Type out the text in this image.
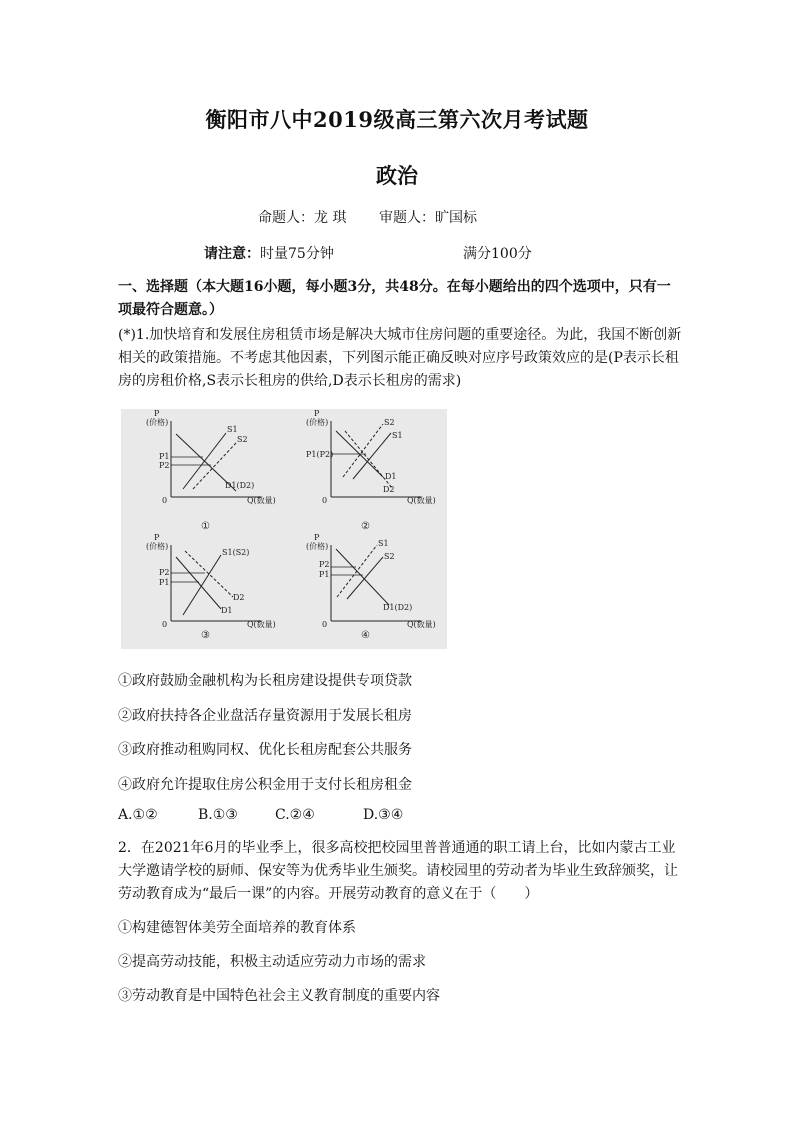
衡阳市八中2019级高三第六次月考试题
政治
命题人：龙 琪 审题人：旷国标
请注意：时量75分钟	满分100分
一、选择题（本大题16小题，每小题3分，共48分。在每小题给出的四个选项中，只有一项最符合题意。）
(*)1.加快培育和发展住房租赁市场是解决大城市住房问题的重要途径。为此，我国不断创新相关的政策措施。不考虑其他因素，下列图示能正确反映对应序号政策效应的是(P表示长租房的房租价格,S表示长租房的供给,D表示长租房的需求)
P
(价格)
0	Q(数量)
P1
P2
S1
S2
D1(D2)
①
P
(价格)
0	Q(数量)
P1(P2)
S2
S1
D1
D2
②
P
(价格)
0	Q(数量)
P2
P1
S1(S2)
D2
D1
③
P
(价格)
0	Q(数量)
P2
P1
S1
S2
D1(D2)
④
①政府鼓励金融机构为长租房建设提供专项贷款
②政府扶持各企业盘活存量资源用于发展长租房
③政府推动租购同权、优化长租房配套公共服务
④政府允许提取住房公积金用于支付长租房租金
A.①②	B.①③	C.②④	D.③④
2．在2021年6月的毕业季上，很多高校把校园里普普通通的职工请上台，比如内蒙古工业大学邀请学校的厨师、保安等为优秀毕业生颁奖。请校园里的劳动者为毕业生致辞颁奖，让劳动教育成为“最后一课”的内容。开展劳动教育的意义在于（　　）
①构建德智体美劳全面培养的教育体系
②提高劳动技能，积极主动适应劳动力市场的需求
③劳动教育是中国特色社会主义教育制度的重要内容
